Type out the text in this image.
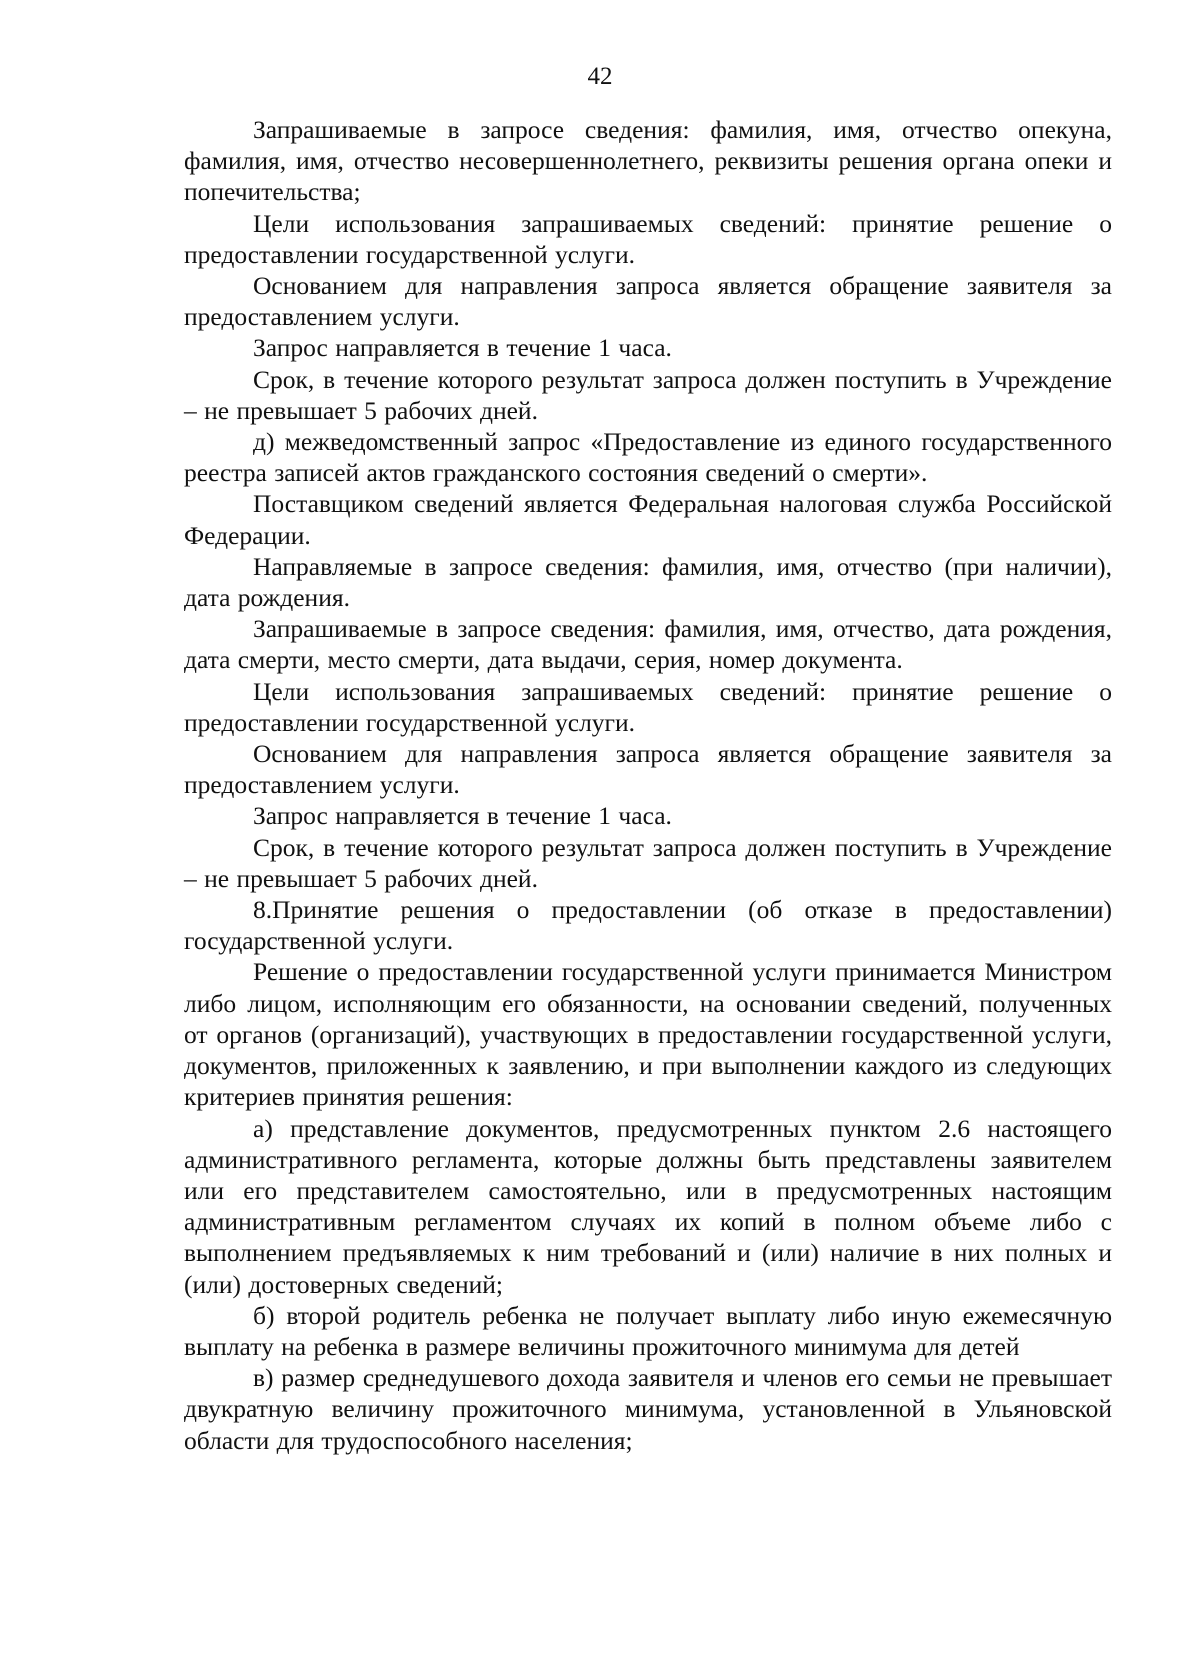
42

Запрашиваемые в запросе сведения: фамилия, имя, отчество опекуна, фамилия, имя, отчество несовершеннолетнего, реквизиты решения органа опеки и попечительства;

Цели использования запрашиваемых сведений: принятие решение о предоставлении государственной услуги.

Основанием для направления запроса является обращение заявителя за предоставлением услуги.

Запрос направляется в течение 1 часа.

Срок, в течение которого результат запроса должен поступить в Учреждение – не превышает 5 рабочих дней.

д) межведомственный запрос «Предоставление из единого государственного реестра записей актов гражданского состояния сведений о смерти».

Поставщиком сведений является Федеральная налоговая служба Российской Федерации.

Направляемые в запросе сведения: фамилия, имя, отчество (при наличии), дата рождения.

Запрашиваемые в запросе сведения: фамилия, имя, отчество, дата рождения, дата смерти, место смерти, дата выдачи, серия, номер документа.

Цели использования запрашиваемых сведений: принятие решение о предоставлении государственной услуги.

Основанием для направления запроса является обращение заявителя за предоставлением услуги.

Запрос направляется в течение 1 часа.

Срок, в течение которого результат запроса должен поступить в Учреждение – не превышает 5 рабочих дней.

8.Принятие решения о предоставлении (об отказе в предоставлении) государственной услуги.

Решение о предоставлении государственной услуги принимается Министром либо лицом, исполняющим его обязанности, на основании сведений, полученных от органов (организаций), участвующих в предоставлении государственной услуги, документов, приложенных к заявлению, и при выполнении каждого из следующих критериев принятия решения:

а) представление документов, предусмотренных пунктом 2.6 настоящего административного регламента, которые должны быть представлены заявителем или его представителем самостоятельно, или в предусмотренных настоящим административным регламентом случаях их копий в полном объеме либо с выполнением предъявляемых к ним требований и (или) наличие в них полных и (или) достоверных сведений;

б) второй родитель ребенка не получает выплату либо иную ежемесячную выплату на ребенка в размере величины прожиточного минимума для детей

в) размер среднедушевого дохода заявителя и членов его семьи не превышает двукратную величину прожиточного минимума, установленной в Ульяновской области для трудоспособного населения;
